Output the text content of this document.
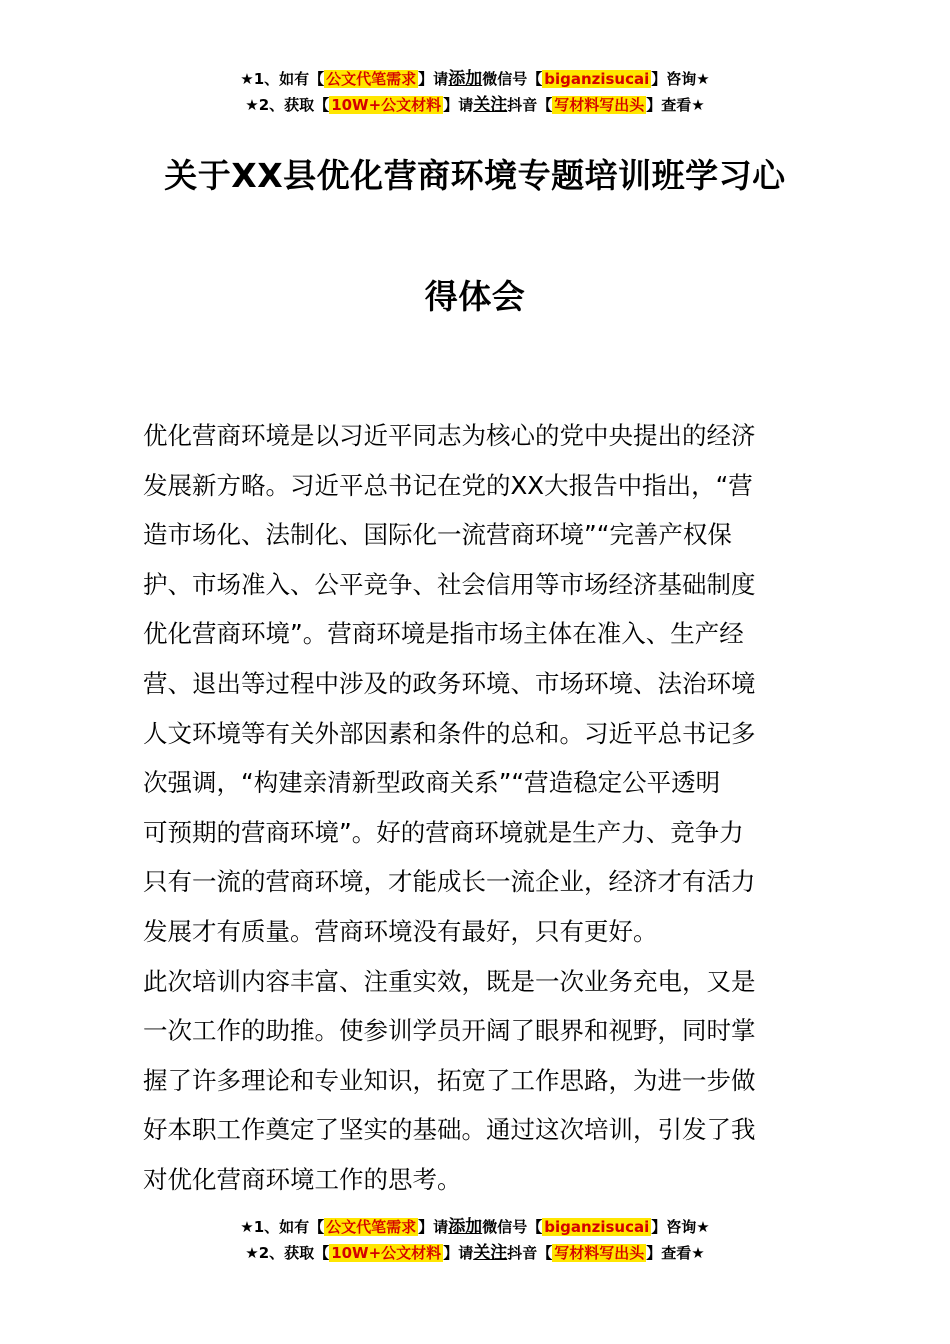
★1、如有【 公文代笔需求 】请添加微信号【 biganzisucai 】咨询★
★2、获取【 10W+公文材料 】请关注抖音【 写材料写出头 】查看★
关于XX县优化营商环境专题培训班学习心
得体会

优化营商环境是以习近平同志为核心的党中央提出的经济
发展新方略。习近平总书记在党的XX大报告中指出，“营
造市场化、法制化、国际化一流营商环境”“完善产权保
护、市场准入、公平竞争、社会信用等市场经济基础制度
优化营商环境”。营商环境是指市场主体在准入、生产经
营、退出等过程中涉及的政务环境、市场环境、法治环境
人文环境等有关外部因素和条件的总和。习近平总书记多
次强调，“构建亲清新型政商关系”“营造稳定公平透明
可预期的营商环境”。好的营商环境就是生产力、竞争力
只有一流的营商环境，才能成长一流企业，经济才有活力
发展才有质量。营商环境没有最好，只有更好。

此次培训内容丰富、注重实效，既是一次业务充电，又是
一次工作的助推。使参训学员开阔了眼界和视野，同时掌
握了许多理论和专业知识，拓宽了工作思路，为进一步做
好本职工作奠定了坚实的基础。通过这次培训，引发了我
对优化营商环境工作的思考。

★1、如有【 公文代笔需求 】请添加微信号【 biganzisucai 】咨询★
★2、获取【 10W+公文材料 】请关注抖音【 写材料写出头 】查看★
